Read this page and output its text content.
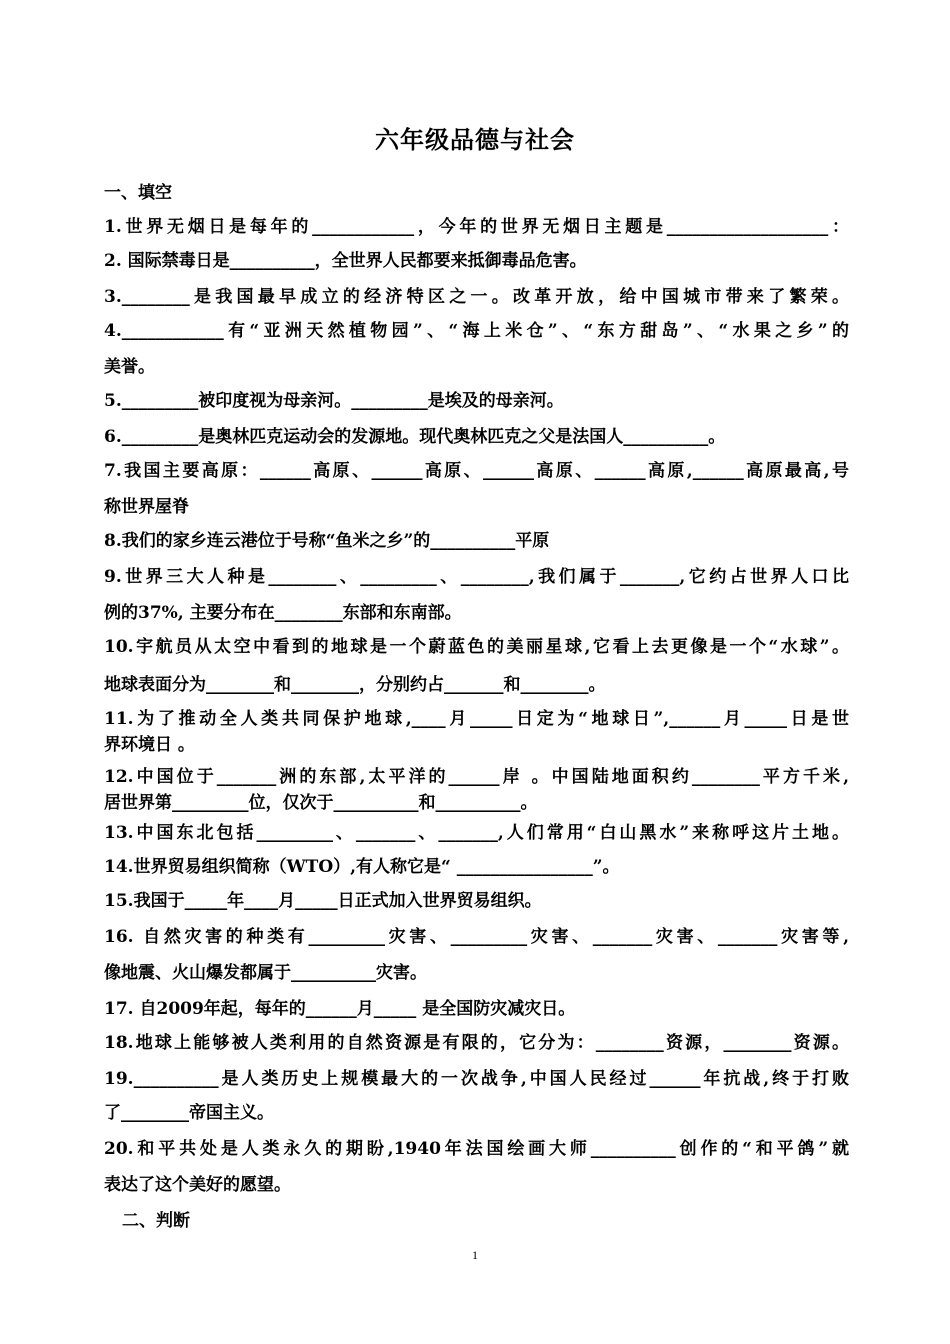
六年级品德与社会
一、填空
1.世界无烟日是每年的____________，今年的世界无烟日主题是___________________：
2. 国际禁毒日是__________，全世界人民都要来抵御毒品危害。
3.________是我国最早成立的经济特区之一。改革开放，给中国城市带来了繁荣。
4.____________有“亚洲天然植物园”、“海上米仓”、“东方甜岛”、“水果之乡”的
美誉。
5._________被印度视为母亲河。_________是埃及的母亲河。
6._________是奥林匹克运动会的发源地。现代奥林匹克之父是法国人__________。
7.我国主要高原：______高原、______高原、______高原、______高原,______高原最高,号
称世界屋脊
8.我们的家乡连云港位于号称“鱼米之乡”的__________平原
9.世界三大人种是________、_________、________,我们属于_______,它约占世界人口比
例的37%, 主要分布在________东部和东南部。
10.宇航员从太空中看到的地球是一个蔚蓝色的美丽星球,它看上去更像是一个“水球”。
地球表面分为________和________，分别约占_______和________。
11.为了推动全人类共同保护地球,____月_____日定为“地球日”,______月_____日是世
界环境日 。
12.中国位于_______洲的东部,太平洋的______岸 。中国陆地面积约________平方千米,
居世界第_________位，仅次于__________和__________。
13.中国东北包括_________、_______、_______,人们常用“白山黑水”来称呼这片土地。
14.世界贸易组织简称（WTO）,有人称它是“ ________________”。
15.我国于_____年____月_____日正式加入世界贸易组织。
16. 自然灾害的种类有_________灾害、_________灾害、_______灾害、_______灾害等,
像地震、火山爆发都属于__________灾害。
17. 自2009年起，每年的______月_____ 是全国防灾减灾日。
18.地球上能够被人类利用的自然资源是有限的，它分为：________资源，________资源。
19.__________是人类历史上规模最大的一次战争,中国人民经过______年抗战,终于打败
了________帝国主义。
20.和平共处是人类永久的期盼,1940年法国绘画大师__________创作的“和平鸽”就
表达了这个美好的愿望。
二、判断
1
